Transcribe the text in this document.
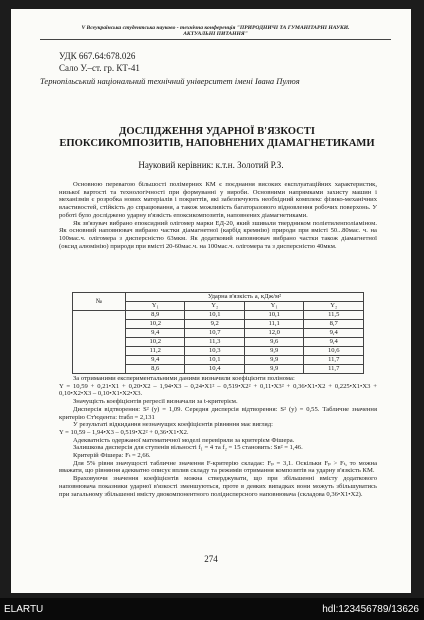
V Всеукраїнська студентська науково - технічна конференція "ПРИРОДНИЧІ ТА ГУМАНІТАРНІ НАУКИ.
АКТУАЛЬНІ ПИТАННЯ"
УДК 667.64:678.026
Сало У.–ст. гр. КТ-41
Тернопільський національний технічний університет імені Івана Пулюя
ДОСЛІДЖЕННЯ УДАРНОЇ В'ЯЗКОСТІ
ЕПОКСИКОМПОЗИТІВ, НАПОВНЕНИХ ДІАМАГНЕТИКАМИ
Науковий керівник: к.т.н. Золотий Р.З.

Основною перевагою більшості полімерних КМ є поєднання високих експлуатаційних характеристик, низької вартості та технологічності при формуванні у вироби. Основними напрямками захисту машин і механізмів є розробка нових матеріалів і покриттів, які забезпечують необхідний комплекс фізико-механічних властивостей, стійкість до спрацювання, а також можливість багаторазового відновлення робочих поверхонь. У роботі було досліджено ударну в'язкість епоксикомпозитів, наповнених діамагнетиками.

Як зв'язувач вибрано епоксидний олігомер марки ЕД-20, який зшивали твердником поліетиленполіаміном. Як основний наповнювач вибрано частки діамагнетної (карбід кремнію) природи при вмісті 50...80мас. ч. на 100мас.ч. олігомера з дисперсністю 63мкм. Як додатковий наповнювач вибрано частки також діамагнетної (оксид алюмінію) природи при вмісті 20-60мас.ч. на 100мас.ч. олігомера та з дисперсністю 40мкм.

№	Ударна в'язкість а, кДж/м²			
	Y₁	Y₂	Y₁	Y₂
	8,9	10,1	10,1	11,5
	10,2	9,2	11,1	8,7
	9,4	10,7	12,0	9,4
	10,2	11,3	9,6	9,4
	11,2	10,3	9,9	10,6
	9,4	10,1	9,9	11,7
	8,6	10,4	9,9	11,7

За отриманими експериментальними даними визначили коефіцієнти полінома:

Y = 10,59 + 0,21•X1 + 0,20•X2 – 1,94•X3 – 0,24•X1² – 0,519•X2² + 0,11•X3² + 0,36•X1•X2 + 0,225•X1•X3 + 0,10•X2•X3 – 0,10•X1•X2•X3.

Значущість коефіцієнтів регресії визначали за t-критерієм.

Дисперсія відтворення: S² (y) = 1,09. Середня дисперсія відтворення: S² (y) = 0,55. Табличне значення критерію Ст'юдента: tтабл = 2,131

У результаті відкидання незначущих коефіцієнтів рівняння має вигляд:

Y = 10,59 – 1,94•X3 – 0,519•X2² + 0,36•X1•X2.

Адекватність одержаної математичної моделі перевіряли за критерієм Фішера.

Залишкова дисперсія для ступенів вільності f₁ = 4 та f₂ = 15 становить: Sв² = 1,46.

Критерій Фішера: Fₜ = 2,66.

Для 5% рівня значущості табличне значення F-критерію складає: Fₚ = 3,1. Оскільки Fₚ > Fₜ, то можна вважати, що рівняння адекватно описує вплив складу та режимів отримання композитів на ударну в'язкість КМ.

Враховуючи значення коефіцієнтів можна стверджувати, що при збільшенні вмісту додаткового наповнювача показники ударної в'язкості зменшуються, проте в деяких випадках вони можуть збільшуватись при загальному збільшенні вмісту двокомпонентного полідисперсного наповнювача (складова 0,36•X1•X2).

274
ELARTU	hdl:123456789/13626
